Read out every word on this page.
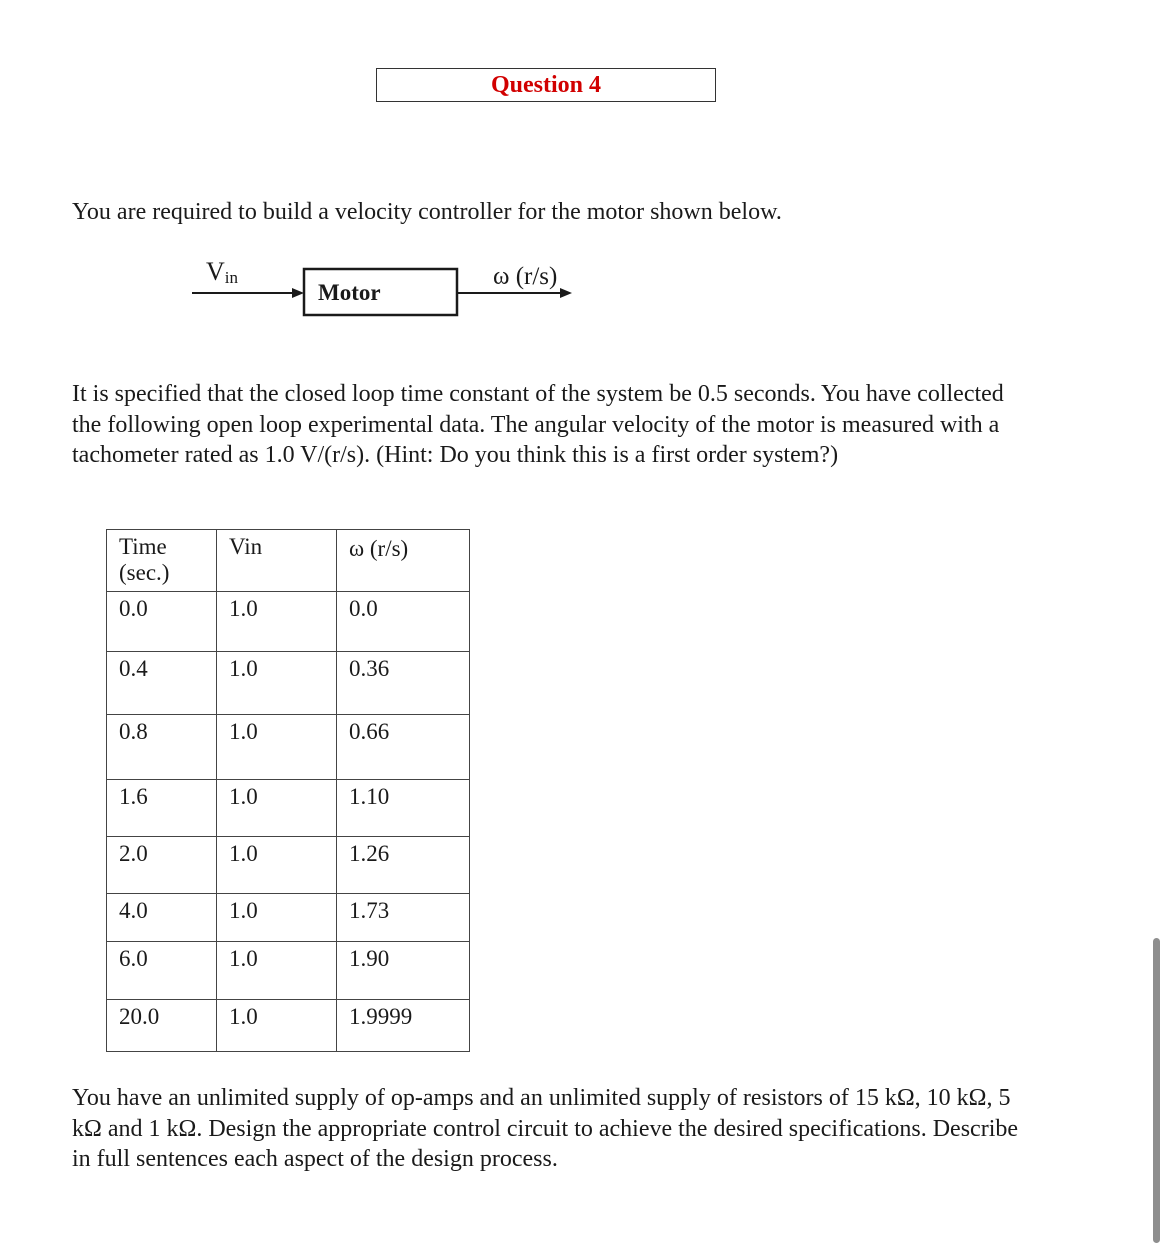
Question 4

You are required to build a velocity controller for the motor shown below.

Vin
Motor
ω (r/s)

It is specified that the closed loop time constant of the system be 0.5 seconds. You have collected the following open loop experimental data. The angular velocity of the motor is measured with a tachometer rated as 1.0 V/(r/s). (Hint: Do you think this is a first order system?)

Time (sec.)	Vin	ω (r/s)
0.0	1.0	0.0
0.4	1.0	0.36
0.8	1.0	0.66
1.6	1.0	1.10
2.0	1.0	1.26
4.0	1.0	1.73
6.0	1.0	1.90
20.0	1.0	1.9999

You have an unlimited supply of op-amps and an unlimited supply of resistors of 15 kΩ, 10 kΩ, 5 kΩ and 1 kΩ. Design the appropriate control circuit to achieve the desired specifications. Describe in full sentences each aspect of the design process.
